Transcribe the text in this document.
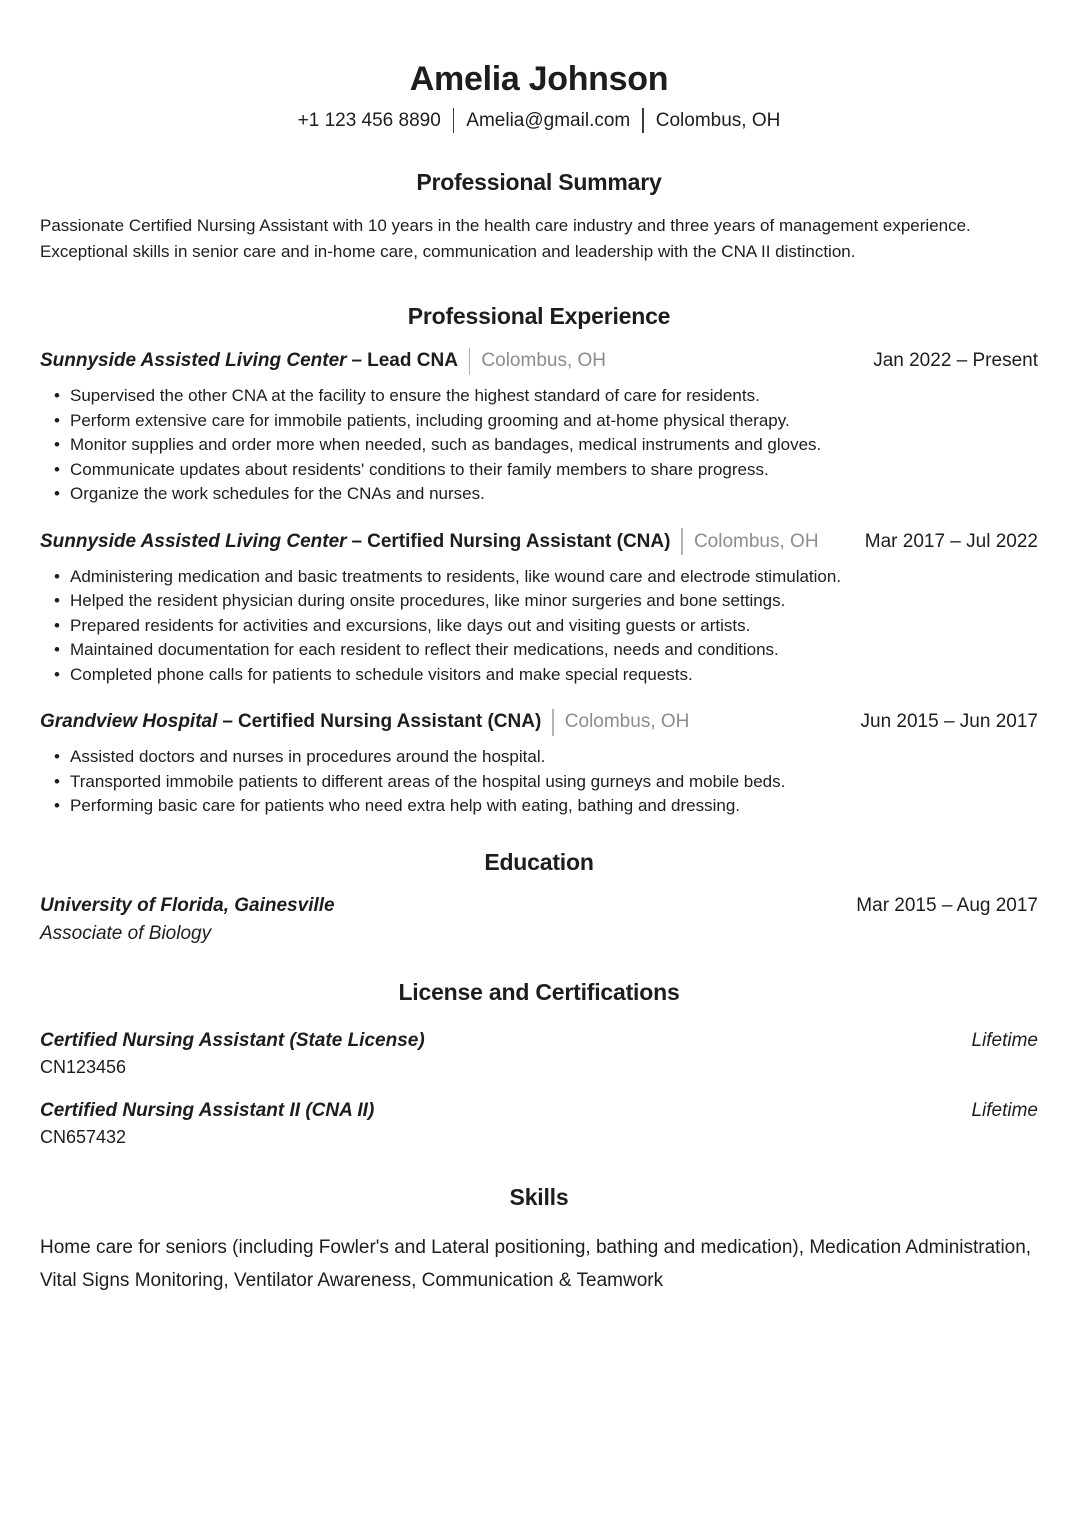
Amelia Johnson
+1 123 456 8890 Amelia@gmail.com Colombus, OH
Professional Summary

Passionate Certified Nursing Assistant with 10 years in the health care industry and three years of management experience. Exceptional skills in senior care and in-home care, communication and leadership with the CNA II distinction.

Professional Experience
Sunnyside Assisted Living Center – Lead CNA Colombus, OH	Jan 2022 – Present
• Supervised the other CNA at the facility to ensure the highest standard of care for residents.
• Perform extensive care for immobile patients, including grooming and at-home physical therapy.
• Monitor supplies and order more when needed, such as bandages, medical instruments and gloves.
• Communicate updates about residents' conditions to their family members to share progress.
• Organize the work schedules for the CNAs and nurses.
Sunnyside Assisted Living Center – Certified Nursing Assistant (CNA) Colombus, OH	Mar 2017 – Jul 2022
• Administering medication and basic treatments to residents, like wound care and electrode stimulation.
• Helped the resident physician during onsite procedures, like minor surgeries and bone settings.
• Prepared residents for activities and excursions, like days out and visiting guests or artists.
• Maintained documentation for each resident to reflect their medications, needs and conditions.
• Completed phone calls for patients to schedule visitors and make special requests.
Grandview Hospital – Certified Nursing Assistant (CNA) Colombus, OH	Jun 2015 – Jun 2017
• Assisted doctors and nurses in procedures around the hospital.
• Transported immobile patients to different areas of the hospital using gurneys and mobile beds.
• Performing basic care for patients who need extra help with eating, bathing and dressing.
Education
University of Florida, Gainesville	Mar 2015 – Aug 2017
Associate of Biology
License and Certifications
Certified Nursing Assistant (State License)	Lifetime
CN123456
Certified Nursing Assistant II (CNA II)	Lifetime
CN657432
Skills

Home care for seniors (including Fowler's and Lateral positioning, bathing and medication), Medication Administration, Vital Signs Monitoring, Ventilator Awareness, Communication & Teamwork
